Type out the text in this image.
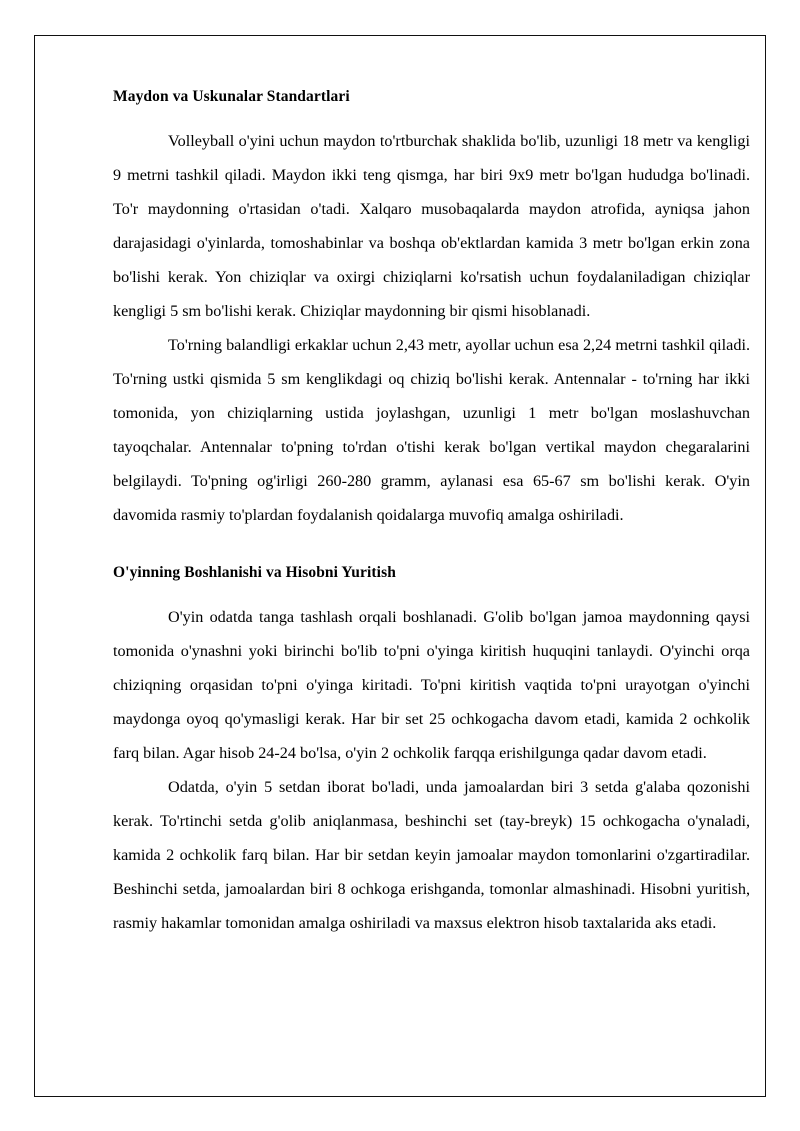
Maydon va Uskunalar Standartlari

Volleyball o'yini uchun maydon to'rtburchak shaklida bo'lib, uzunligi 18 metr va kengligi 9 metrni tashkil qiladi. Maydon ikki teng qismga, har biri 9x9 metr bo'lgan hududga bo'linadi. To'r maydonning o'rtasidan o'tadi. Xalqaro musobaqalarda maydon atrofida, ayniqsa jahon darajasidagi o'yinlarda, tomoshabinlar va boshqa ob'ektlardan kamida 3 metr bo'lgan erkin zona bo'lishi kerak. Yon chiziqlar va oxirgi chiziqlarni ko'rsatish uchun foydalaniladigan chiziqlar kengligi 5 sm bo'lishi kerak. Chiziqlar maydonning bir qismi hisoblanadi.

To'rning balandligi erkaklar uchun 2,43 metr, ayollar uchun esa 2,24 metrni tashkil qiladi. To'rning ustki qismida 5 sm kenglikdagi oq chiziq bo'lishi kerak. Antennalar - to'rning har ikki tomonida, yon chiziqlarning ustida joylashgan, uzunligi 1 metr bo'lgan moslashuvchan tayoqchalar. Antennalar to'pning to'rdan o'tishi kerak bo'lgan vertikal maydon chegaralarini belgilaydi. To'pning og'irligi 260-280 gramm, aylanasi esa 65-67 sm bo'lishi kerak. O'yin davomida rasmiy to'plardan foydalanish qoidalarga muvofiq amalga oshiriladi.

O'yinning Boshlanishi va Hisobni Yuritish

O'yin odatda tanga tashlash orqali boshlanadi. G'olib bo'lgan jamoa maydonning qaysi tomonida o'ynashni yoki birinchi bo'lib to'pni o'yinga kiritish huquqini tanlaydi. O'yinchi orqa chiziqning orqasidan to'pni o'yinga kiritadi. To'pni kiritish vaqtida to'pni urayotgan o'yinchi maydonga oyoq qo'ymasligi kerak. Har bir set 25 ochkogacha davom etadi, kamida 2 ochkolik farq bilan. Agar hisob 24-24 bo'lsa, o'yin 2 ochkolik farqqa erishilgunga qadar davom etadi.

Odatda, o'yin 5 setdan iborat bo'ladi, unda jamoalardan biri 3 setda g'alaba qozonishi kerak. To'rtinchi setda g'olib aniqlanmasa, beshinchi set (tay-breyk) 15 ochkogacha o'ynaladi, kamida 2 ochkolik farq bilan. Har bir setdan keyin jamoalar maydon tomonlarini o'zgartiradilar. Beshinchi setda, jamoalardan biri 8 ochkoga erishganda, tomonlar almashinadi. Hisobni yuritish, rasmiy hakamlar tomonidan amalga oshiriladi va maxsus elektron hisob taxtalarida aks etadi.
